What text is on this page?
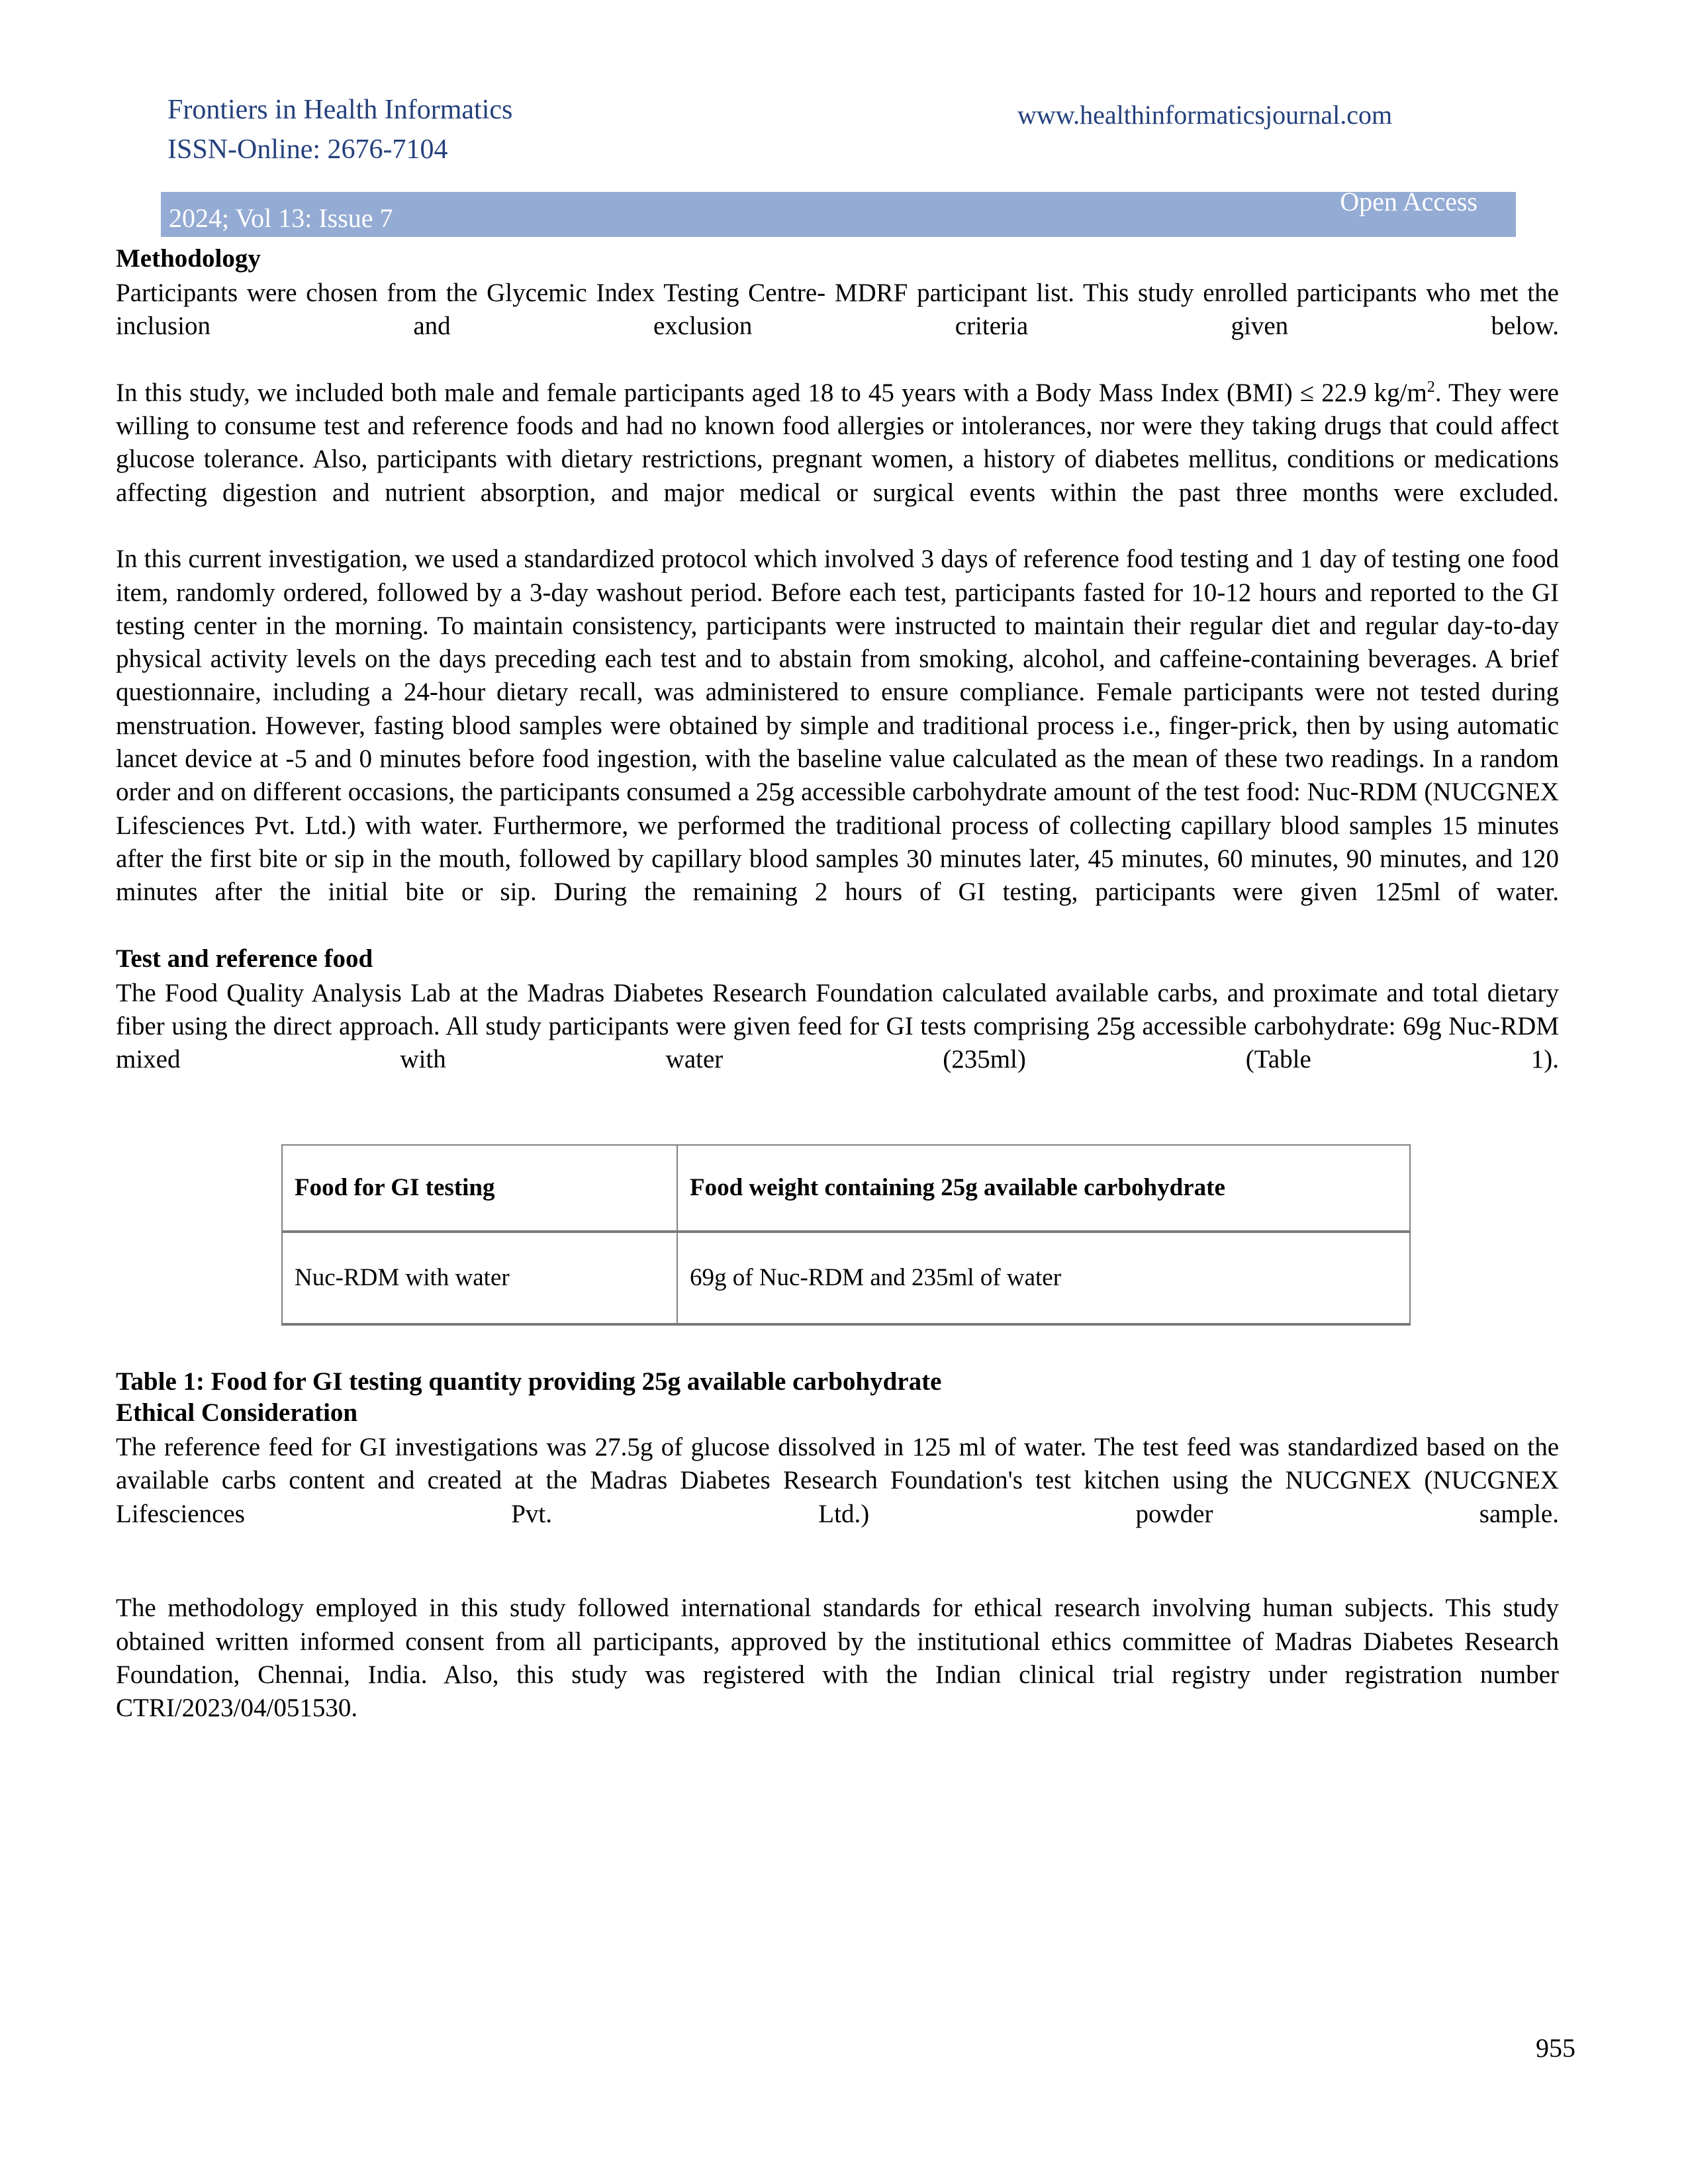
Frontiers in Health Informatics
ISSN-Online: 2676-7104
www.healthinformaticsjournal.com
2024; Vol 13: Issue 7
Open Access
Methodology

Participants were chosen from the Glycemic Index Testing Centre- MDRF participant list. This study enrolled participants who met the inclusion and exclusion criteria given below.

In this study, we included both male and female participants aged 18 to 45 years with a Body Mass Index (BMI) ≤ 22.9 $kg/m^2$. They were willing to consume test and reference foods and had no known food allergies or intolerances, nor were they taking drugs that could affect glucose tolerance. Also, participants with dietary restrictions, pregnant women, a history of diabetes mellitus, conditions or medications affecting digestion and nutrient absorption, and major medical or surgical events within the past three months were excluded.

In this current investigation, we used a standardized protocol which involved 3 days of reference food testing and 1 day of testing one food item, randomly ordered, followed by a 3-day washout period. Before each test, participants fasted for 10-12 hours and reported to the GI testing center in the morning. To maintain consistency, participants were instructed to maintain their regular diet and regular day-to-day physical activity levels on the days preceding each test and to abstain from smoking, alcohol, and caffeine-containing beverages. A brief questionnaire, including a 24-hour dietary recall, was administered to ensure compliance. Female participants were not tested during menstruation. However, fasting blood samples were obtained by simple and traditional process i.e., finger-prick, then by using automatic lancet device at -5 and 0 minutes before food ingestion, with the baseline value calculated as the mean of these two readings. In a random order and on different occasions, the participants consumed a 25g accessible carbohydrate amount of the test food: Nuc-RDM (NUCGNEX Lifesciences Pvt. Ltd.) with water. Furthermore, we performed the traditional process of collecting capillary blood samples 15 minutes after the first bite or sip in the mouth, followed by capillary blood samples 30 minutes later, 45 minutes, 60 minutes, 90 minutes, and 120 minutes after the initial bite or sip. During the remaining 2 hours of GI testing, participants were given 125ml of water.

Test and reference food

The Food Quality Analysis Lab at the Madras Diabetes Research Foundation calculated available carbs, and proximate and total dietary fiber using the direct approach. All study participants were given feed for GI tests comprising 25g accessible carbohydrate: 69g Nuc-RDM mixed with water (235ml) (Table 1).

Food for GI testing	Food weight containing 25g available carbohydrate

Nuc-RDM with water	69g of Nuc-RDM and 235ml of water
Table 1: Food for GI testing quantity providing 25g available carbohydrate
Ethical Consideration

The reference feed for GI investigations was 27.5g of glucose dissolved in 125 ml of water. The test feed was standardized based on the available carbs content and created at the Madras Diabetes Research Foundation's test kitchen using the NUCGNEX (NUCGNEX Lifesciences Pvt. Ltd.) powder sample.

The methodology employed in this study followed international standards for ethical research involving human subjects. This study obtained written informed consent from all participants, approved by the institutional ethics committee of Madras Diabetes Research Foundation, Chennai, India. Also, this study was registered with the Indian clinical trial registry under registration number CTRI/2023/04/051530.

955
